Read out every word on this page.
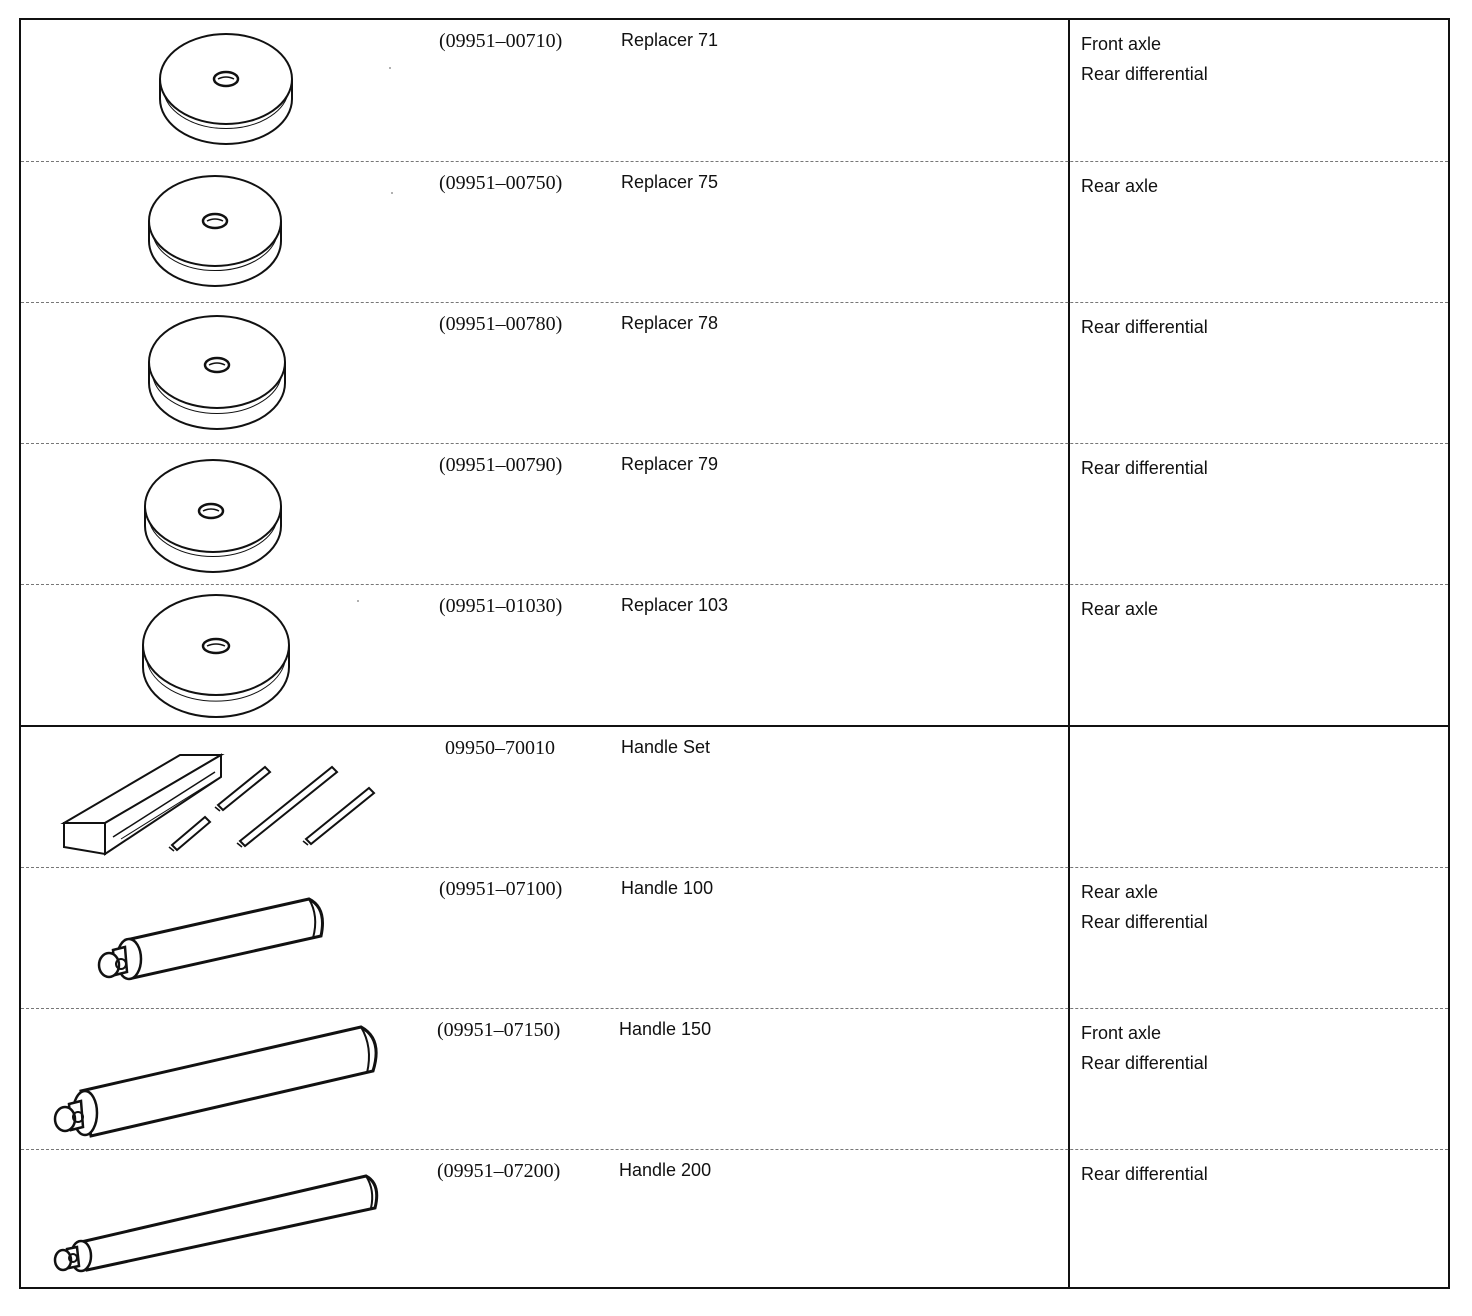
(09951–00710)	Replacer 71	Front axle
Rear differential
(09951–00750)	Replacer 75	Rear axle
(09951–00780)	Replacer 78	Rear differential
(09951–00790)	Replacer 79	Rear differential
(09951–01030)	Replacer 103	Rear axle
09950–70010	Handle Set
(09951–07100)	Handle 100	Rear axle
Rear differential
(09951–07150)	Handle 150	Front axle
Rear differential
(09951–07200)	Handle 200	Rear differential
